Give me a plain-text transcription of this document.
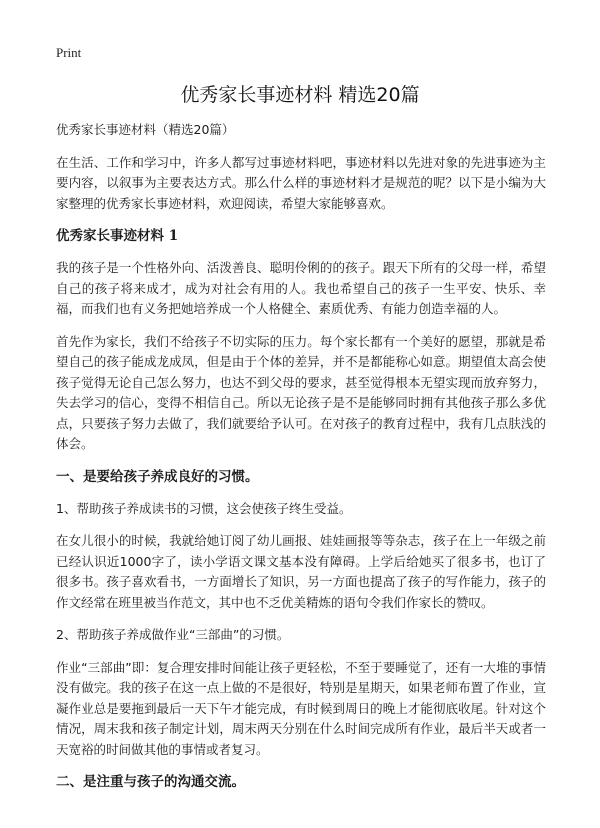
Print
优秀家长事迹材料 精选20篇

优秀家长事迹材料（精选20篇）

在生活、工作和学习中，许多人都写过事迹材料吧，事迹材料以先进对象的先进事迹为主要内容，以叙事为主要表达方式。那么什么样的事迹材料才是规范的呢？以下是小编为大家整理的优秀家长事迹材料，欢迎阅读，希望大家能够喜欢。

优秀家长事迹材料 1

我的孩子是一个性格外向、活泼善良、聪明伶俐的的孩子。跟天下所有的父母一样，希望自己的孩子将来成才，成为对社会有用的人。我也希望自己的孩子一生平安、快乐、幸福，而我们也有义务把她培养成一个人格健全、素质优秀、有能力创造幸福的人。

首先作为家长，我们不给孩子不切实际的压力。每个家长都有一个美好的愿望，那就是希望自己的孩子能成龙成凤，但是由于个体的差异，并不是都能称心如意。期望值太高会使孩子觉得无论自己怎么努力，也达不到父母的要求，甚至觉得根本无望实现而放弃努力，失去学习的信心，变得不相信自己。所以无论孩子是不是能够同时拥有其他孩子那么多优点，只要孩子努力去做了，我们就要给予认可。在对孩子的教育过程中，我有几点肤浅的体会。

一、是要给孩子养成良好的习惯。

1、帮助孩子养成读书的习惯，这会使孩子终生受益。

在女儿很小的时候，我就给她订阅了幼儿画报、娃娃画报等等杂志，孩子在上一年级之前已经认识近1000字了，读小学语文课文基本没有障碍。上学后给她买了很多书，也订了很多书。孩子喜欢看书，一方面增长了知识，另一方面也提高了孩子的写作能力，孩子的作文经常在班里被当作范文，其中也不乏优美精炼的语句令我们作家长的赞叹。

2、帮助孩子养成做作业“三部曲”的习惯。

作业“三部曲”即：复合理安排时间能让孩子更轻松，不至于要睡觉了，还有一大堆的事情没有做完。我的孩子在这一点上做的不是很好，特别是星期天，如果老师布置了作业，宣凝作业总是要拖到最后一天下午才能完成，有时候到周日的晚上才能彻底收尾。针对这个情况，周末我和孩子制定计划，周末两天分别在什么时间完成所有作业，最后半天或者一天宽裕的时间做其他的事情或者复习。

二、是注重与孩子的沟通交流。
